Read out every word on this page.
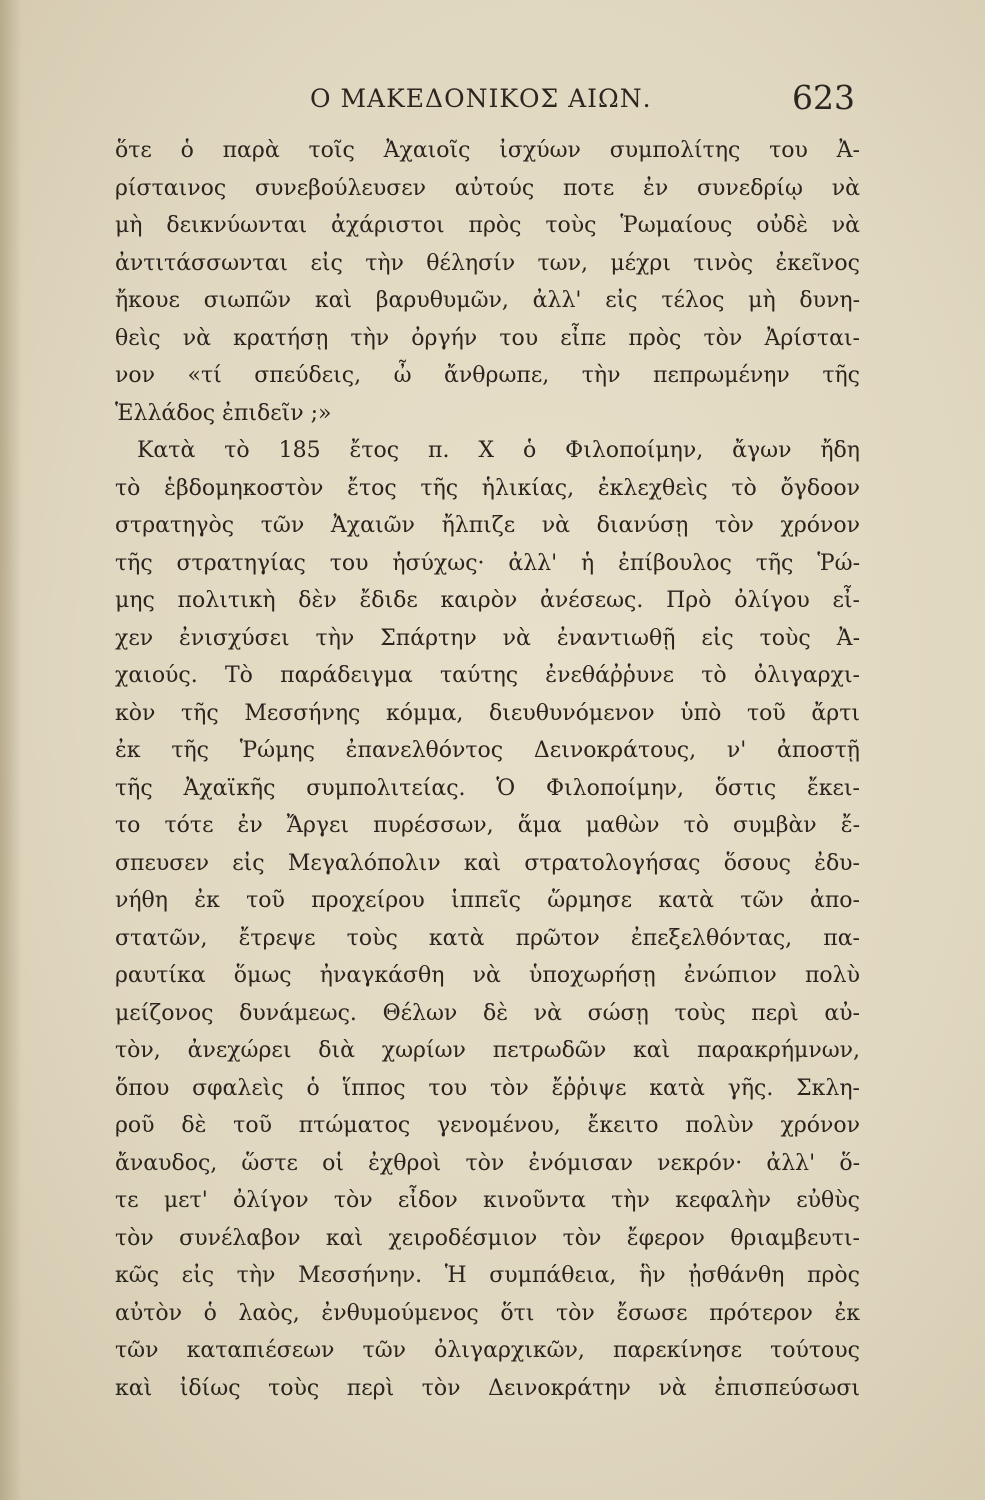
Ο ΜΑΚΕΔΟΝΙΚΟΣ ΑΙΩΝ.	623
ὅτε ὁ παρὰ τοῖς Ἀχαιοῖς ἰσχύων συμπολίτης του Ἀ-
ρίσταινος συνεβούλευσεν αὐτούς ποτε ἐν συνεδρίῳ νὰ
μὴ δεικνύωνται ἀχάριστοι πρὸς τοὺς Ῥωμαίους οὐδὲ νὰ
ἀντιτάσσωνται εἰς τὴν θέλησίν των, μέχρι τινὸς ἐκεῖνος
ἤκουε σιωπῶν καὶ βαρυθυμῶν, ἀλλ' εἰς τέλος μὴ δυνη-
θεὶς νὰ κρατήσῃ τὴν ὀργήν του εἶπε πρὸς τὸν Ἀρίσται-
νον «τί σπεύδεις, ὦ ἄνθρωπε, τὴν πεπρωμένην τῆς
Ἑλλάδος ἐπιδεῖν ;»
Κατὰ τὸ 185 ἔτος π. Χ ὁ Φιλοποίμην, ἄγων ἤδη
τὸ ἑβδομηκοστὸν ἔτος τῆς ἡλικίας, ἐκλεχθεὶς τὸ ὄγδοον
στρατηγὸς τῶν Ἀχαιῶν ἤλπιζε νὰ διανύσῃ τὸν χρόνον
τῆς στρατηγίας του ἡσύχως· ἀλλ' ἡ ἐπίβουλος τῆς Ῥώ-
μης πολιτικὴ δὲν ἔδιδε καιρὸν ἀνέσεως. Πρὸ ὀλίγου εἶ-
χεν ἐνισχύσει τὴν Σπάρτην νὰ ἐναντιωθῇ εἰς τοὺς Ἀ-
χαιούς. Τὸ παράδειγμα ταύτης ἐνεθάῤῥυνε τὸ ὀλιγαρχι-
κὸν τῆς Μεσσήνης κόμμα, διευθυνόμενον ὑπὸ τοῦ ἄρτι
ἐκ τῆς Ῥώμης ἐπανελθόντος Δεινοκράτους, ν' ἀποστῇ
τῆς Ἀχαϊκῆς συμπολιτείας. Ὁ Φιλοποίμην, ὅστις ἔκει-
το τότε ἐν Ἄργει πυρέσσων, ἅμα μαθὼν τὸ συμβὰν ἔ-
σπευσεν εἰς Μεγαλόπολιν καὶ στρατολογήσας ὅσους ἐδυ-
νήθη ἐκ τοῦ προχείρου ἱππεῖς ὥρμησε κατὰ τῶν ἀπο-
στατῶν, ἔτρεψε τοὺς κατὰ πρῶτον ἐπεξελθόντας, πα-
ραυτίκα ὅμως ἠναγκάσθη νὰ ὑποχωρήσῃ ἐνώπιον πολὺ
μείζονος δυνάμεως. Θέλων δὲ νὰ σώσῃ τοὺς περὶ αὐ-
τὸν, ἀνεχώρει διὰ χωρίων πετρωδῶν καὶ παρακρήμνων,
ὅπου σφαλεὶς ὁ ἵππος του τὸν ἔῤῥιψε κατὰ γῆς. Σκλη-
ροῦ δὲ τοῦ πτώματος γενομένου, ἔκειτο πολὺν χρόνον
ἄναυδος, ὥστε οἱ ἐχθροὶ τὸν ἐνόμισαν νεκρόν· ἀλλ' ὅ-
τε μετ' ὀλίγον τὸν εἶδον κινοῦντα τὴν κεφαλὴν εὐθὺς
τὸν συνέλαβον καὶ χειροδέσμιον τὸν ἔφερον θριαμβευτι-
κῶς εἰς τὴν Μεσσήνην. Ἡ συμπάθεια, ἣν ᾐσθάνθη πρὸς
αὐτὸν ὁ λαὸς, ἐνθυμούμενος ὅτι τὸν ἔσωσε πρότερον ἐκ
τῶν καταπιέσεων τῶν ὀλιγαρχικῶν, παρεκίνησε τούτους
καὶ ἰδίως τοὺς περὶ τὸν Δεινοκράτην νὰ ἐπισπεύσωσι
